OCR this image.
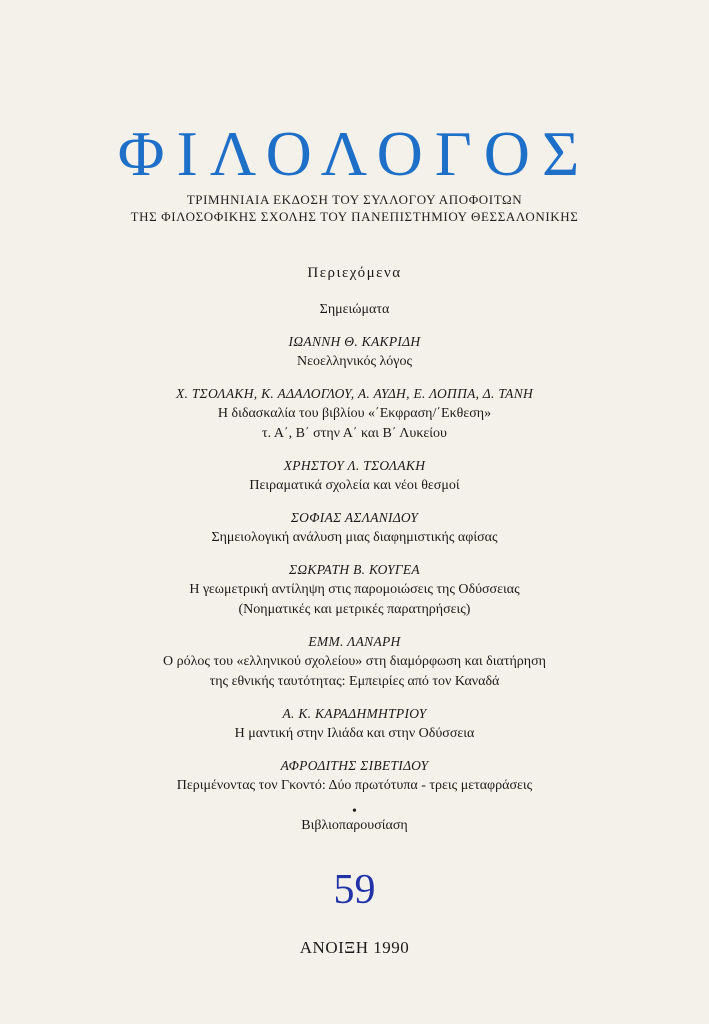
ΦΙΛΟΛΟΓΟΣ
ΤΡΙΜΗΝΙΑΙΑ ΕΚΔΟΣΗ ΤΟΥ ΣΥΛΛΟΓΟΥ ΑΠΟΦΟΙΤΩΝ
ΤΗΣ ΦΙΛΟΣΟΦΙΚΗΣ ΣΧΟΛΗΣ ΤΟΥ ΠΑΝΕΠΙΣΤΗΜΙΟΥ ΘΕΣΣΑΛΟΝΙΚΗΣ
Περιεχόμενα

Σημειώματα

ΙΩΑΝΝΗ Θ. ΚΑΚΡΙΔΗ

Νεοελληνικός λόγος

Χ. ΤΣΟΛΑΚΗ, Κ. ΑΔΑΛΟΓΛΟΥ, Α. ΑΥΔΗ, Ε. ΛΟΠΠΑ, Δ. ΤΑΝΗ

Η διδασκαλία του βιβλίου «΄Εκφραση/΄Εκθεση»

τ. Α΄, Β΄ στην Α΄ και Β΄ Λυκείου

ΧΡΗΣΤΟΥ Λ. ΤΣΟΛΑΚΗ

Πειραματικά σχολεία και νέοι θεσμοί

ΣΟΦΙΑΣ ΑΣΛΑΝΙΔΟΥ

Σημειολογική ανάλυση μιας διαφημιστικής αφίσας

ΣΩΚΡΑΤΗ Β. ΚΟΥΓΕΑ

Η γεωμετρική αντίληψη στις παρομοιώσεις της Οδύσσειας

(Νοηματικές και μετρικές παρατηρήσεις)

ΕΜΜ. ΛΑΝΑΡΗ

Ο ρόλος του «ελληνικού σχολείου» στη διαμόρφωση και διατήρηση

της εθνικής ταυτότητας: Εμπειρίες από τον Καναδά

Α. Κ. ΚΑΡΑΔΗΜΗΤΡΙΟΥ

Η μαντική στην Ιλιάδα και στην Οδύσσεια

ΑΦΡΟΔΙΤΗΣ ΣΙΒΕΤΙΔΟΥ

Περιμένοντας τον Γκοντό: Δύο πρωτότυπα - τρεις μεταφράσεις

•

Βιβλιοπαρουσίαση

59
ΑΝΟΙΞΗ 1990
